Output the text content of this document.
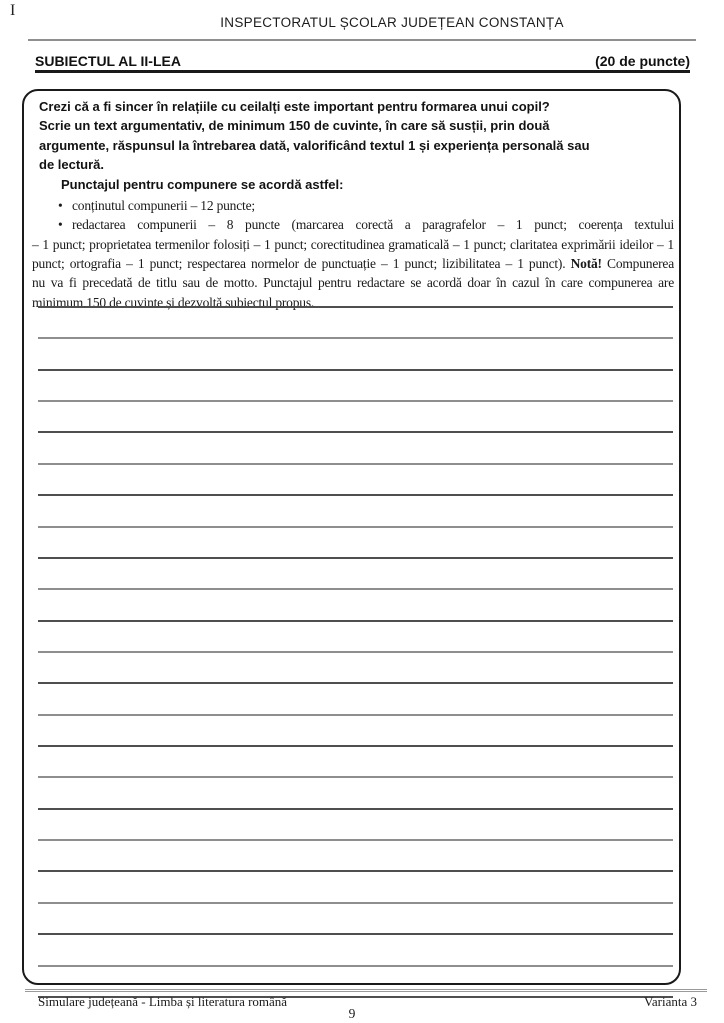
I
INSPECTORATUL ȘCOLAR JUDEȚEAN CONSTANȚA
SUBIECTUL AL II-LEA	(20 de puncte)
Crezi că a fi sincer în relațiile cu ceilalți este important pentru formarea unui copil?
Scrie un text argumentativ, de minimum 150 de cuvinte, în care să susții, prin două
argumente, răspunsul la întrebarea dată, valorificând textul 1 și experiența personală sau
de lectură.
Punctajul pentru compunere se acordă astfel:
• conținutul compunerii – 12 puncte;
• redactarea compunerii – 8 puncte (marcarea corectă a paragrafelor – 1 punct; coerența textului
– 1 punct; proprietatea termenilor folosiți – 1 punct; corectitudinea gramaticală – 1 punct; claritatea exprimării ideilor – 1
punct; ortografia – 1 punct; respectarea normelor de punctuație – 1 punct; lizibilitatea – 1 punct). Notă! Compunerea
nu va fi precedată de titlu sau de motto. Punctajul pentru redactare se acordă doar în cazul în care compunerea are
minimum 150 de cuvinte și dezvoltă subiectul propus.
Simulare județeană - Limba și literatura română	Varianta 3
9
